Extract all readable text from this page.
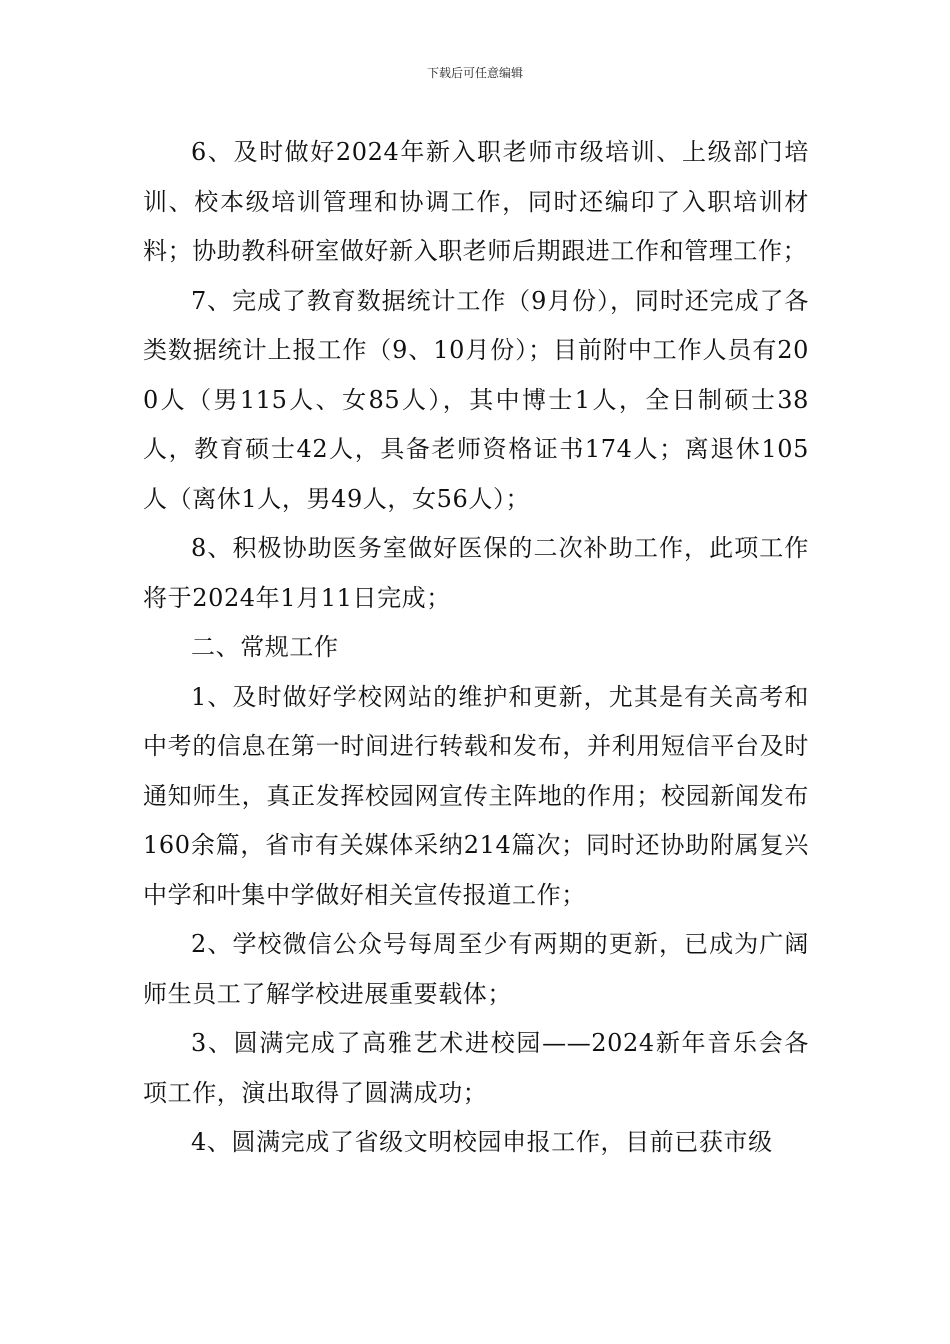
下载后可任意编辑

6、及时做好2024年新入职老师市级培训、上级部门培训、校本级培训管理和协调工作，同时还编印了入职培训材料；协助教科研室做好新入职老师后期跟进工作和管理工作；

7、完成了教育数据统计工作（9月份），同时还完成了各类数据统计上报工作（9、10月份）；目前附中工作人员有200人（男115人、女85人），其中博士1人，全日制硕士38人，教育硕士42人，具备老师资格证书174人；离退休105人（离休1人，男49人，女56人）；

8、积极协助医务室做好医保的二次补助工作，此项工作将于2024年1月11日完成；

二、常规工作

1、及时做好学校网站的维护和更新，尤其是有关高考和中考的信息在第一时间进行转载和发布，并利用短信平台及时通知师生，真正发挥校园网宣传主阵地的作用；校园新闻发布160余篇，省市有关媒体采纳214篇次；同时还协助附属复兴中学和叶集中学做好相关宣传报道工作；

2、学校微信公众号每周至少有两期的更新，已成为广阔师生员工了解学校进展重要载体；

3、圆满完成了高雅艺术进校园——2024新年音乐会各项工作，演出取得了圆满成功；

4、圆满完成了省级文明校园申报工作，目前已获市级
